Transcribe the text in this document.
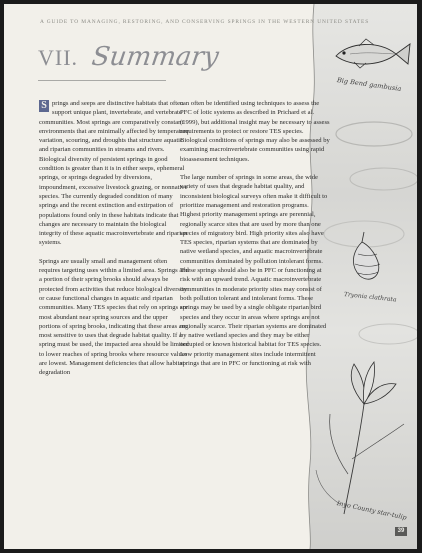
A GUIDE TO MANAGING, RESTORING, AND CONSERVING SPRINGS IN THE WESTERN UNITED STATES
VII. Summary

S prings and seeps are distinctive habitats that often support unique plant, invertebrate, and vertebrate communities. Most springs are comparatively constant environments that are minimally affected by temperature variation, scouring, and droughts that structure aquatic and riparian communities in streams and rivers. Biological diversity of persistent springs in good condition is greater than it is in either seeps, ephemeral springs, or springs degraded by diversions, impoundment, excessive livestock grazing, or nonnative species. The currently degraded condition of many springs and the recent extinction and extirpation of populations found only in these habitats indicate that changes are necessary to maintain the biological integrity of these aquatic macroinvertebrate and riparian systems.

Springs are usually small and management often requires targeting uses within a limited area. Springs and a portion of their spring brooks should always be protected from activities that reduce biological diversity or cause functional changes in aquatic and riparian communities. Many TES species that rely on springs are most abundant near spring sources and the upper portions of spring brooks, indicating that these areas are most sensitive to uses that degrade habitat quality. If a spring must be used, the impacted area should be limited to lower reaches of spring brooks where resource values are lowest. Management deficiencies that allow habitat degradation

can often be identified using techniques to assess the PFC of lotic systems as described in Prichard et al. (1999), but additional insight may be necessary to assess requirements to protect or restore TES species. Biological conditions of springs may also be assessed by examining macroinvertebrate communities using rapid bioassessment techniques.

The large number of springs in some areas, the wide variety of uses that degrade habitat quality, and inconsistent biological surveys often make it difficult to prioritize management and restoration programs. Highest priority management springs are perennial, regionally scarce sites that are used by more than one species of migratory bird. High priority sites also have TES species, riparian systems that are dominated by native wetland species, and aquatic macroinvertebrate communities dominated by pollution intolerant forms. These springs should also be in PFC or functioning at risk with an upward trend. Aquatic macroinvertebrate communities in moderate priority sites may consist of both pollution tolerant and intolerant forms. These springs may be used by a single obligate riparian bird species and they occur in areas where springs are not regionally scarce. Their riparian systems are dominated by native wetland species and they may be either occupied or known historical habitat for TES species. Low priority management sites include intermittent springs that are in PFC or functioning at risk with

Big Bend gambusia
Tryonia clathrata
Inyo County star-tulip
39
